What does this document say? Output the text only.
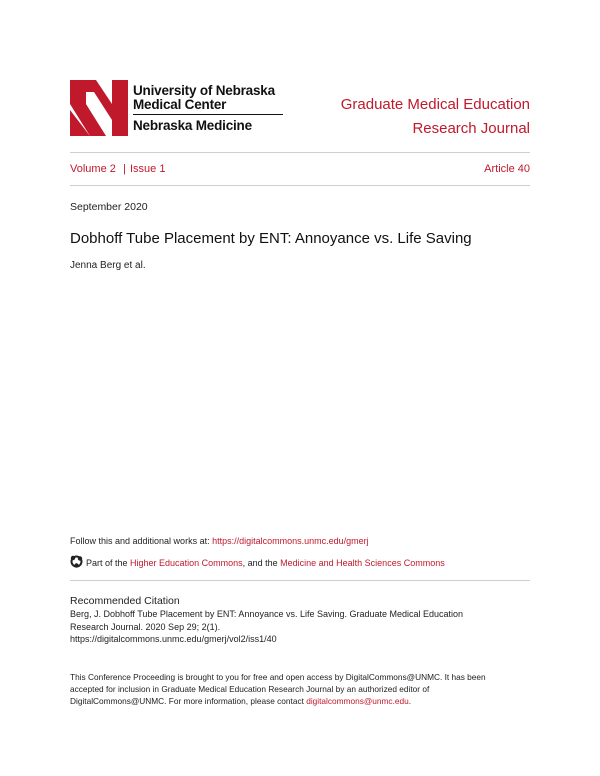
University of Nebraska
Medical Center
Nebraska Medicine
Graduate Medical Education
Research Journal
Volume 2 | Issue 1	Article 40
September 2020
Dobhoff Tube Placement by ENT: Annoyance vs. Life Saving
Jenna Berg et al.
Follow this and additional works at: https://digitalcommons.unmc.edu/gmerj
Part of the Higher Education Commons, and the Medicine and Health Sciences Commons
Recommended Citation
Berg, J. Dobhoff Tube Placement by ENT: Annoyance vs. Life Saving. Graduate Medical Education
Research Journal. 2020 Sep 29; 2(1).
https://digitalcommons.unmc.edu/gmerj/vol2/iss1/40
This Conference Proceeding is brought to you for free and open access by DigitalCommons@UNMC. It has been
accepted for inclusion in Graduate Medical Education Research Journal by an authorized editor of
DigitalCommons@UNMC. For more information, please contact digitalcommons@unmc.edu.
